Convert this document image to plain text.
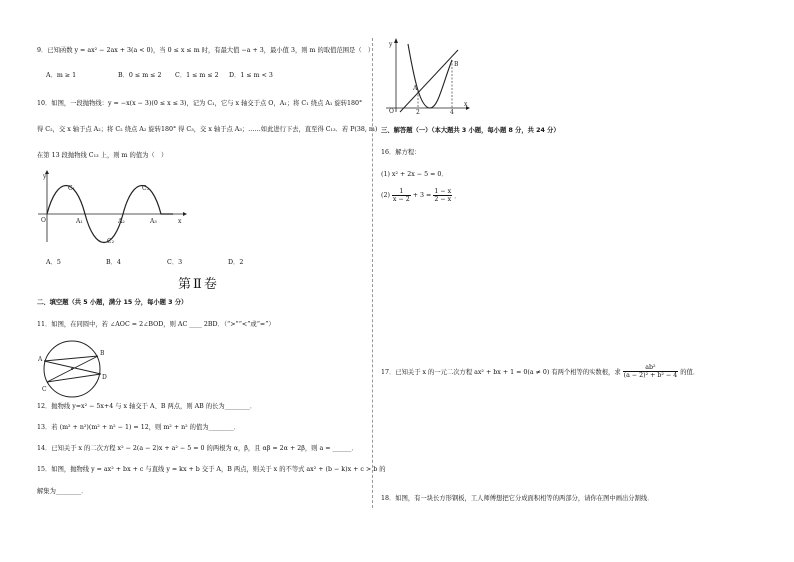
9．已知函数 y = ax² − 2ax + 3(a < 0)，当 0 ≤ x ≤ m 时，有最大值 −a + 3，最小值 3，则 m 的取值范围是（　）
A．m ≥ 1	B．0 ≤ m ≤ 2 C．1 ≤ m ≤ 2 D．1 ≤ m < 3
10．如图，一段抛物线：y = −x(x − 3)(0 ≤ x ≤ 3)，记为 C₁，它与 x 轴交于点 O，A₁；将 C₁ 绕点 A₁ 旋转180°
得 C₂，交 x 轴于点 A₂；将 C₂ 绕点 A₂ 旋转180° 得 C₃，交 x 轴于点 A₃；……如此进行下去，直至得 C₁₃．若 P(38, m)
在第 13 段抛物线 C₁₃ 上，则 m 的值为（　）
y
x
O
C₁
C₂
C₃
A₁	A₂	A₃
A．5	B．4	C．3	D．2
第Ⅱ卷
二、填空题（共 5 小题，满分 15 分，每小题 3 分）
11．如图，在同圆中，若 ∠AOC = 2∠BOD，则 AC ____ 2BD．（“>”“<”或“=”）
A
B
C
D
12．抛物线 y=x² − 5x+4 与 x 轴交于 A、B 两点，则 AB 的长为________．
13．若 (m² + n²)(m² + n² − 1) = 12，则 m² + n² 的值为________．
14．已知关于 x 的二次方程 x² − 2(a − 2)x + a² − 5 = 0 的两根为 α，β，且 αβ = 2α + 2β，则 a = ______．
15．如图，抛物线 y = ax² + bx + c 与直线 y = kx + b 交于 A，B 两点，则关于 x 的不等式 ax² + (b − k)x + c > b 的
解集为________．
y
x
O
A
B
2	4
三、解答题（一）（本大题共 3 小题，每小题 8 分，共 24 分）
16．解方程：
(1) x² + 2x − 5 = 0．
$(2) \frac{1}{x - 2} + 3 = \frac{1 - x}{2 - x}$ ．
17．已知关于 x 的一元二次方程 ax² + bx + 1 = 0(a ≠ 0) 有两个相等的实数根，求 $\frac{\text{ab²}}{\text{(a − 2)² + b² − 4}}$ 的值．
18．如图，有一块长方形钢板，工人师傅想把它分成面积相等的两部分，请你在图中画出分割线．
